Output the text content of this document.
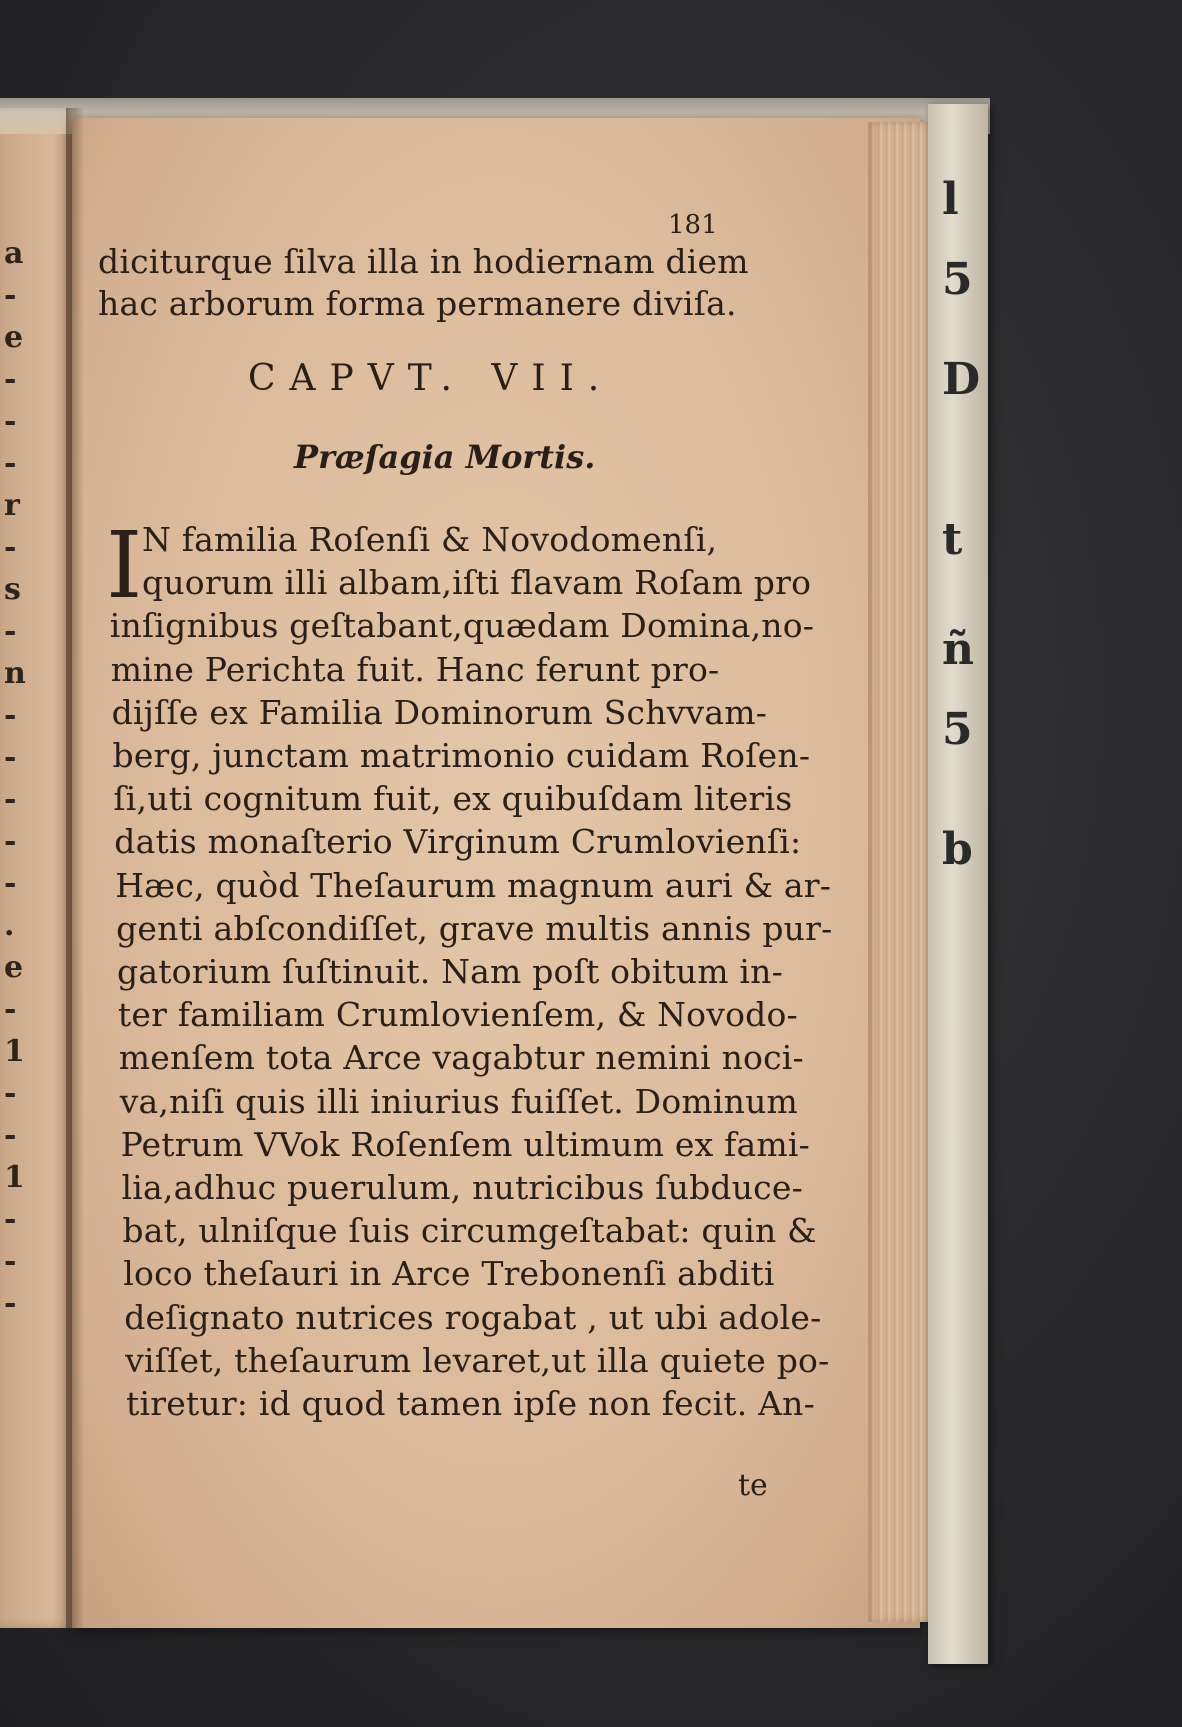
a
-
e
-
-
-
r
-
s
-
n
-
-
-
-
-
.
e
-
1
-
-
1
-
-
-
l
5
D
t
ñ
5
b
181
diciturque ſilva illa in hodiernam diem
hac arborum forma permanere diviſa.
CAPVT. VII.
Præſagia Mortis.
I N familia Roſenſi & Novodomenſi,
quorum illi albam,iſti flavam Roſam pro
inſignibus geſtabant,quædam Domina,no-
mine Perichta fuit. Hanc ferunt pro-
dijſſe ex Familia Dominorum Schvvam-
berg, junctam matrimonio cuidam Roſen-
ſi,uti cognitum fuit, ex quibuſdam literis
datis monaſterio Virginum Crumlovienſi:
Hæc, quòd Theſaurum magnum auri & ar-
genti abſcondiſſet, grave multis annis pur-
gatorium ſuſtinuit. Nam poſt obitum in-
ter familiam Crumlovienſem, & Novodo-
menſem tota Arce vagabtur nemini noci-
va,niſi quis illi iniurius fuiſſet. Dominum
Petrum VVok Roſenſem ultimum ex fami-
lia,adhuc puerulum, nutricibus ſubduce-
bat, ulniſque ſuis circumgeſtabat: quin &
loco theſauri in Arce Trebonenſi abditi
deſignato nutrices rogabat , ut ubi adole-
viſſet, theſaurum levaret,ut illa quiete po-
tiretur: id quod tamen ipſe non fecit. An-
te
